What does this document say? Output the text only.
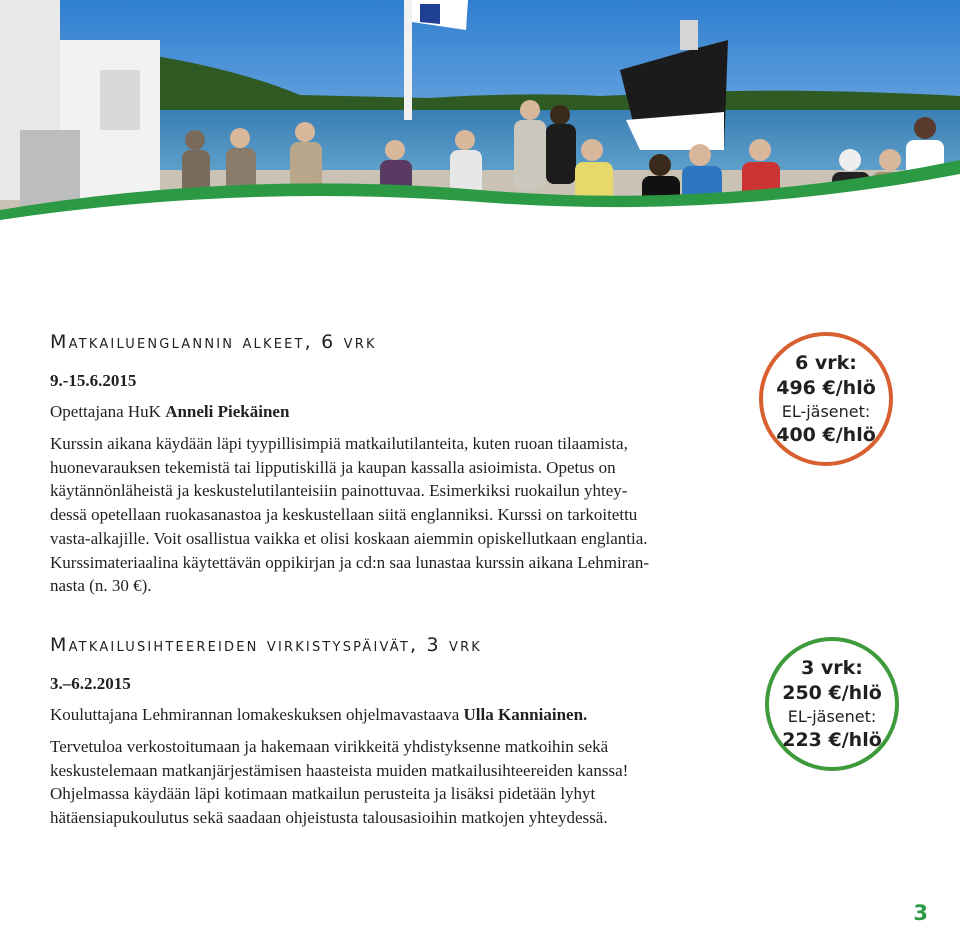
Matkailuenglannin alkeet, 6 vrk
9.-15.6.2015
Opettajana HuK Anneli Piekäinen

Kurssin aikana käydään läpi tyypillisimpiä matkailutilanteita, kuten ruoan tilaamista,

huonevarauksen tekemistä tai lipputiskillä ja kaupan kassalla asioimista. Opetus on

käytännönläheistä ja keskustelutilanteisiin painottuvaa. Esimerkiksi ruokailun yhtey-

dessä opetellaan ruokasanastoa ja keskustellaan siitä englanniksi. Kurssi on tarkoitettu

vasta-alkajille. Voit osallistua vaikka et olisi koskaan aiemmin opiskellutkaan englantia.

Kurssimateriaalina käytettävän oppikirjan ja cd:n saa lunastaa kurssin aikana Lehmiran-

nasta (n. 30 €).

6 vrk:
496 €/hlö
EL-jäsenet:
400 €/hlö
Matkailusihteereiden virkistyspäivät, 3 vrk
3.–6.2.2015
Kouluttajana Lehmirannan lomakeskuksen ohjelmavastaava Ulla Kanniainen.

Tervetuloa verkostoitumaan ja hakemaan virikkeitä yhdistyksenne matkoihin sekä

keskustelemaan matkanjärjestämisen haasteista muiden matkailusihteereiden kanssa!

Ohjelmassa käydään läpi kotimaan matkailun perusteita ja lisäksi pidetään lyhyt

hätäensiapukoulutus sekä saadaan ohjeistusta talousasioihin matkojen yhteydessä.

3 vrk:
250 €/hlö
EL-jäsenet:
223 €/hlö
3
